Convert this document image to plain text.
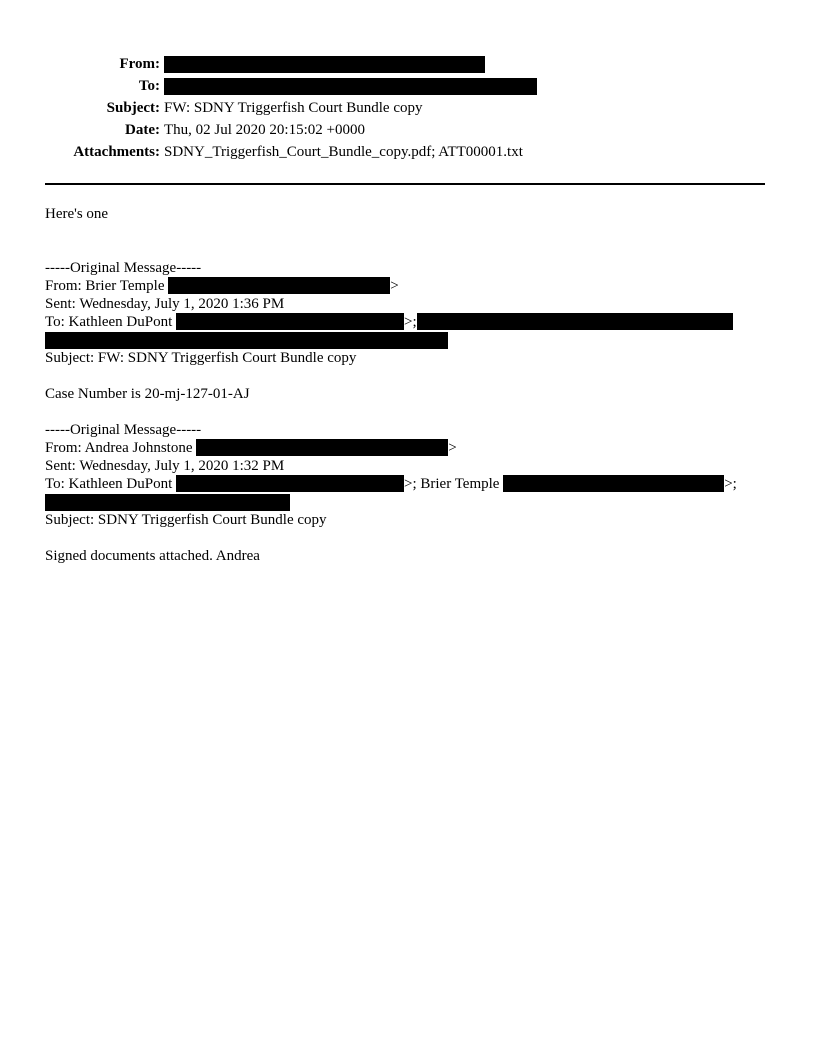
From:
To:
Subject: FW: SDNY Triggerfish Court Bundle copy
Date: Thu, 02 Jul 2020 20:15:02 +0000
Attachments: SDNY_Triggerfish_Court_Bundle_copy.pdf; ATT00001.txt
Here's one
-----Original Message-----
From: Brier Temple	>
Sent: Wednesday, July 1, 2020 1:36 PM
To: Kathleen DuPont	>;
Subject: FW: SDNY Triggerfish Court Bundle copy
Case Number is 20-mj-127-01-AJ
-----Original Message-----
From: Andrea Johnstone	>
Sent: Wednesday, July 1, 2020 1:32 PM
To: Kathleen DuPont	>; Brier Temple	>;
Subject: SDNY Triggerfish Court Bundle copy
Signed documents attached. Andrea
